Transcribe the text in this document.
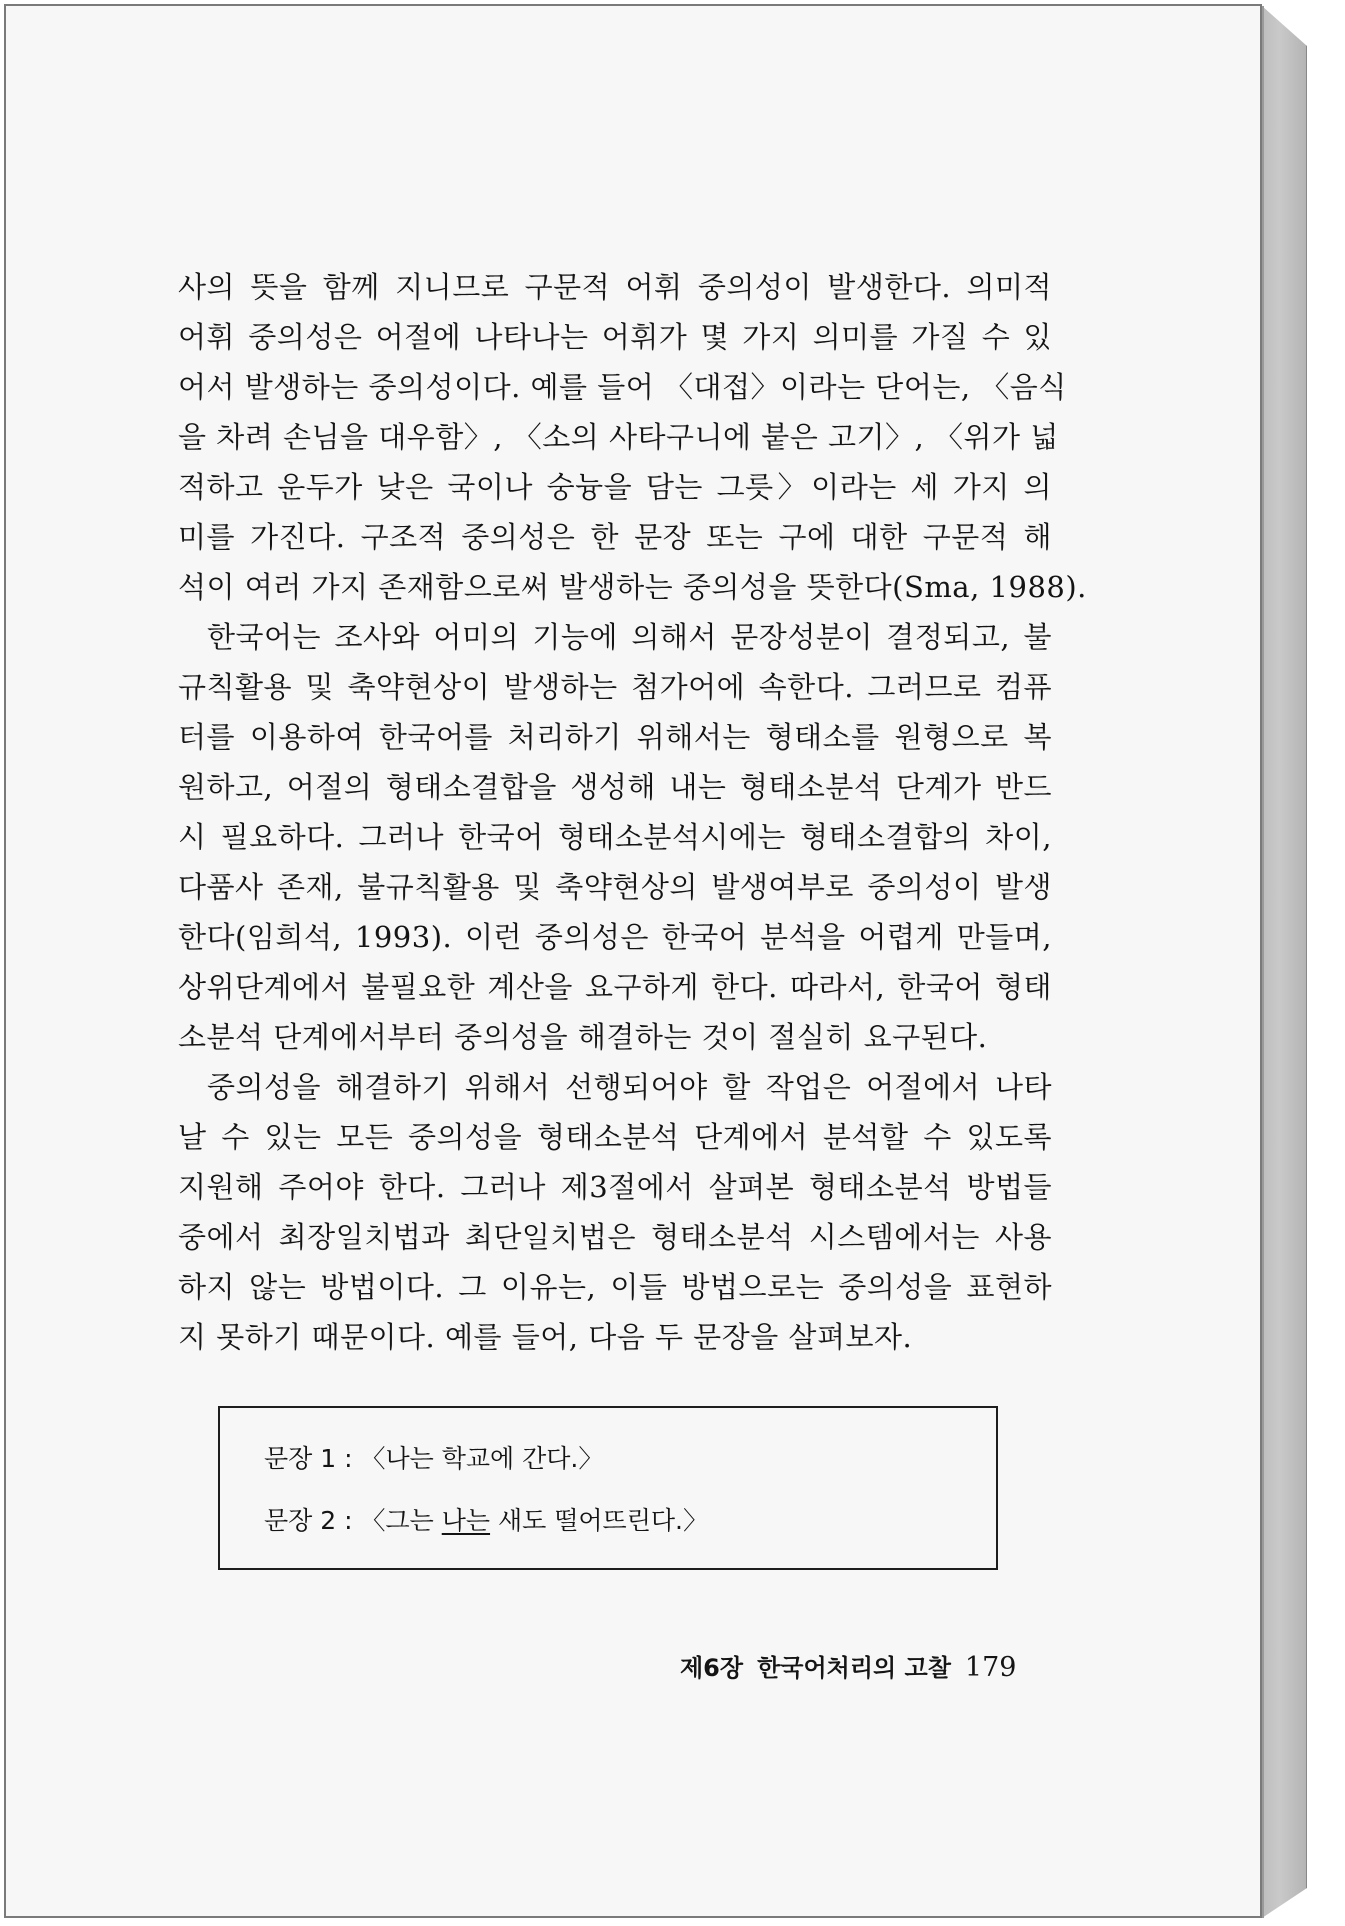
사의 뜻을 함께 지니므로 구문적 어휘 중의성이 발생한다. 의미적
어휘 중의성은 어절에 나타나는 어휘가 몇 가지 의미를 가질 수 있
어서 발생하는 중의성이다. 예를 들어 〈대접〉이라는 단어는, 〈음식
을 차려 손님을 대우함〉, 〈소의 사타구니에 붙은 고기〉, 〈위가 넓
적하고 운두가 낮은 국이나 숭늉을 담는 그릇〉이라는 세 가지 의
미를 가진다. 구조적 중의성은 한 문장 또는 구에 대한 구문적 해
석이 여러 가지 존재함으로써 발생하는 중의성을 뜻한다(Sma, 1988).
한국어는 조사와 어미의 기능에 의해서 문장성분이 결정되고, 불
규칙활용 및 축약현상이 발생하는 첨가어에 속한다. 그러므로 컴퓨
터를 이용하여 한국어를 처리하기 위해서는 형태소를 원형으로 복
원하고, 어절의 형태소결합을 생성해 내는 형태소분석 단계가 반드
시 필요하다. 그러나 한국어 형태소분석시에는 형태소결합의 차이,
다품사 존재, 불규칙활용 및 축약현상의 발생여부로 중의성이 발생
한다(임희석, 1993). 이런 중의성은 한국어 분석을 어렵게 만들며,
상위단계에서 불필요한 계산을 요구하게 한다. 따라서, 한국어 형태
소분석 단계에서부터 중의성을 해결하는 것이 절실히 요구된다.
중의성을 해결하기 위해서 선행되어야 할 작업은 어절에서 나타
날 수 있는 모든 중의성을 형태소분석 단계에서 분석할 수 있도록
지원해 주어야 한다. 그러나 제3절에서 살펴본 형태소분석 방법들
중에서 최장일치법과 최단일치법은 형태소분석 시스템에서는 사용
하지 않는 방법이다. 그 이유는, 이들 방법으로는 중의성을 표현하
지 못하기 때문이다. 예를 들어, 다음 두 문장을 살펴보자.
문장 1 : 〈나는 학교에 간다.〉
문장 2 : 〈그는 나는 새도 떨어뜨린다.〉
제6장 한국어처리의 고찰 179
